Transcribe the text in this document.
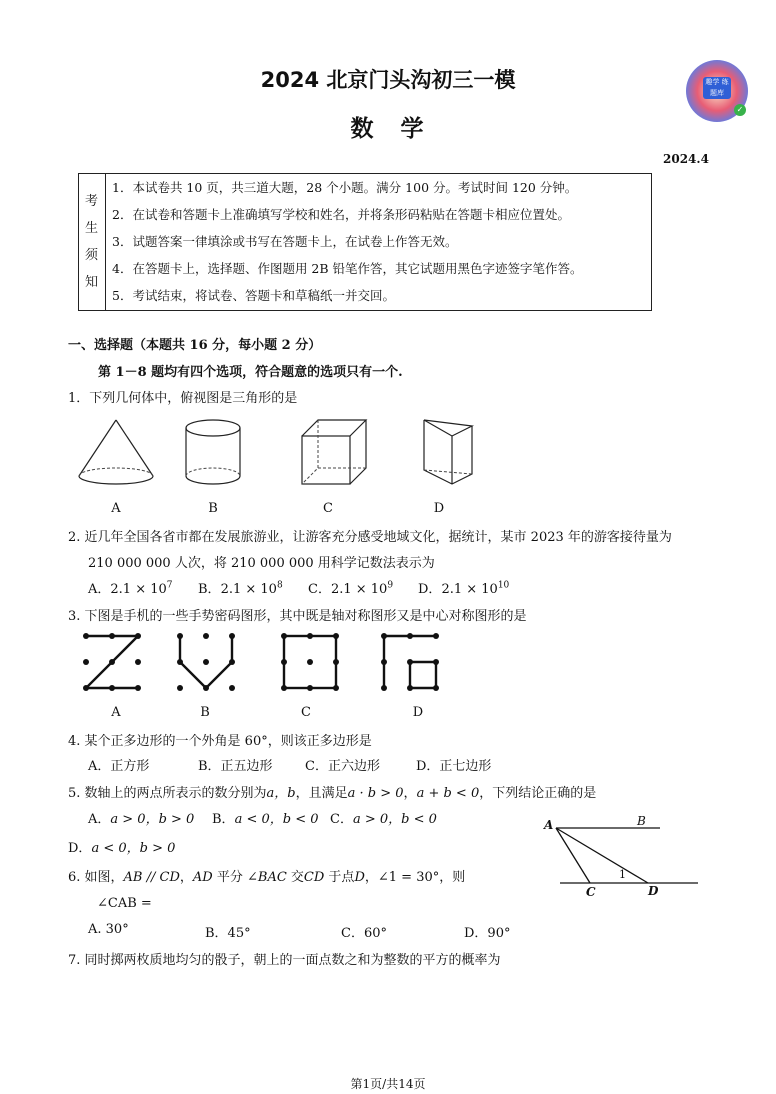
2024 北京门头沟初三一模
数　学
2024.4
趣学 练题库
✓
考
生
须
知
1．本试卷共 10 页，共三道大题，28 个小题。满分 100 分。考试时间 120 分钟。
2．在试卷和答题卡上准确填写学校和姓名，并将条形码粘贴在答题卡相应位置处。
3．试题答案一律填涂或书写在答题卡上，在试卷上作答无效。
4．在答题卡上，选择题、作图题用 2B 铅笔作答，其它试题用黑色字迹签字笔作答。
5．考试结束，将试卷、答题卡和草稿纸一并交回。
一、选择题（本题共 16 分，每小题 2 分）
第 1－8 题均有四个选项，符合题意的选项只有一个.
1．下列几何体中，俯视图是三角形的是
A	B	C	D
2. 近几年全国各省市都在发展旅游业，让游客充分感受地域文化，据统计，某市 2023 年的游客接待量为
210 000 000 人次，将 210 000 000 用科学记数法表示为
A．$2.1 \times 10^7$ B．$2.1 \times 10^8$ C．$2.1 \times 10^9$ D．$2.1 \times 10^{10}$
3. 下图是手机的一些手势密码图形，其中既是轴对称图形又是中心对称图形的是
A	B	C	D
4. 某个正多边形的一个外角是 60°，则该正多边形是
A．正方形	B．正五边形 C．正六边形	D．正七边形
5. 数轴上的两点所表示的数分别为a，b，且满足a · b > 0，a + b < 0，下列结论正确的是
A．a > 0，b > 0 B．a < 0，b < 0 C．a > 0，b < 0
D．a < 0，b > 0
A	B
C	D
1
6. 如图，AB // CD，AD 平分 ∠BAC 交CD 于点D，∠1 = 30°，则
∠CAB =
A. 30°	B．45°	C．60°	D．90°
7. 同时掷两枚质地均匀的骰子，朝上的一面点数之和为整数的平方的概率为
第1页/共14页
